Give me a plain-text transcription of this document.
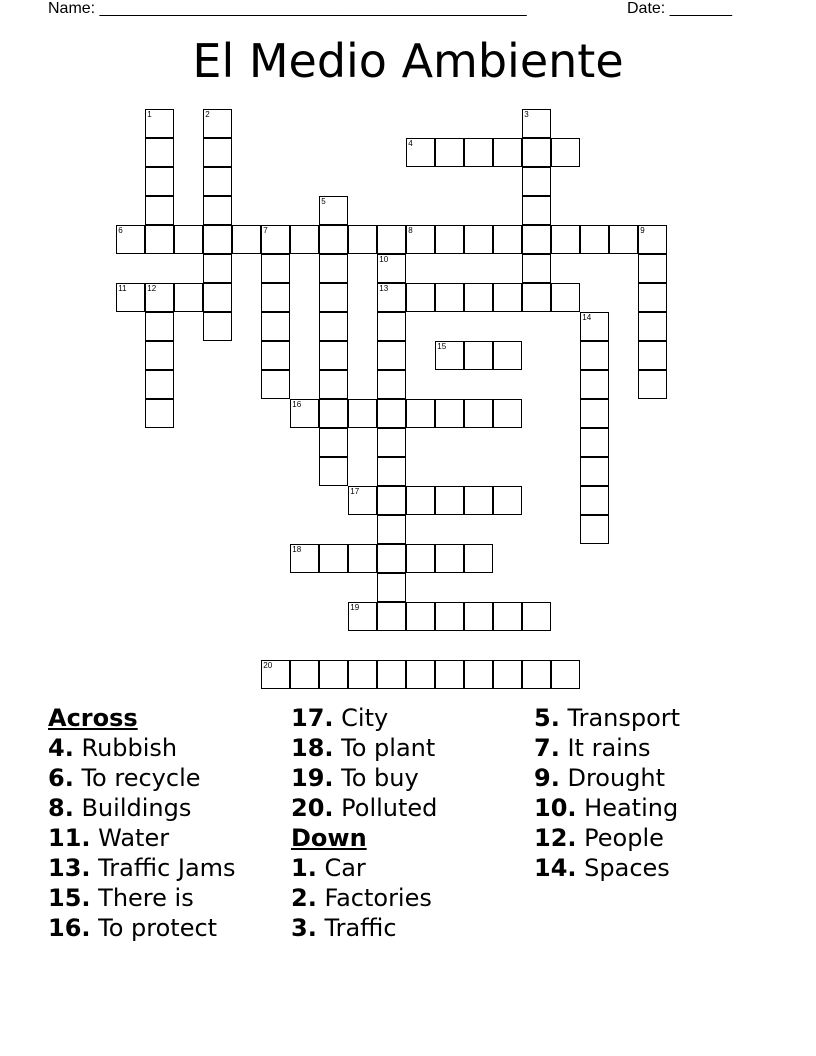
Name: ________________________________________________	Date: _______
El Medio Ambiente
4
6	7	8	9
11	12	13
15
16
17
18
19
20
1	2	3
5
10
14
Across
4. Rubbish
6. To recycle
8. Buildings
11. Water
13. Traffic Jams
15. There is
16. To protect
17. City
18. To plant
19. To buy
20. Polluted
Down
1. Car
2. Factories
3. Traffic
5. Transport
7. It rains
9. Drought
10. Heating
12. People
14. Spaces
